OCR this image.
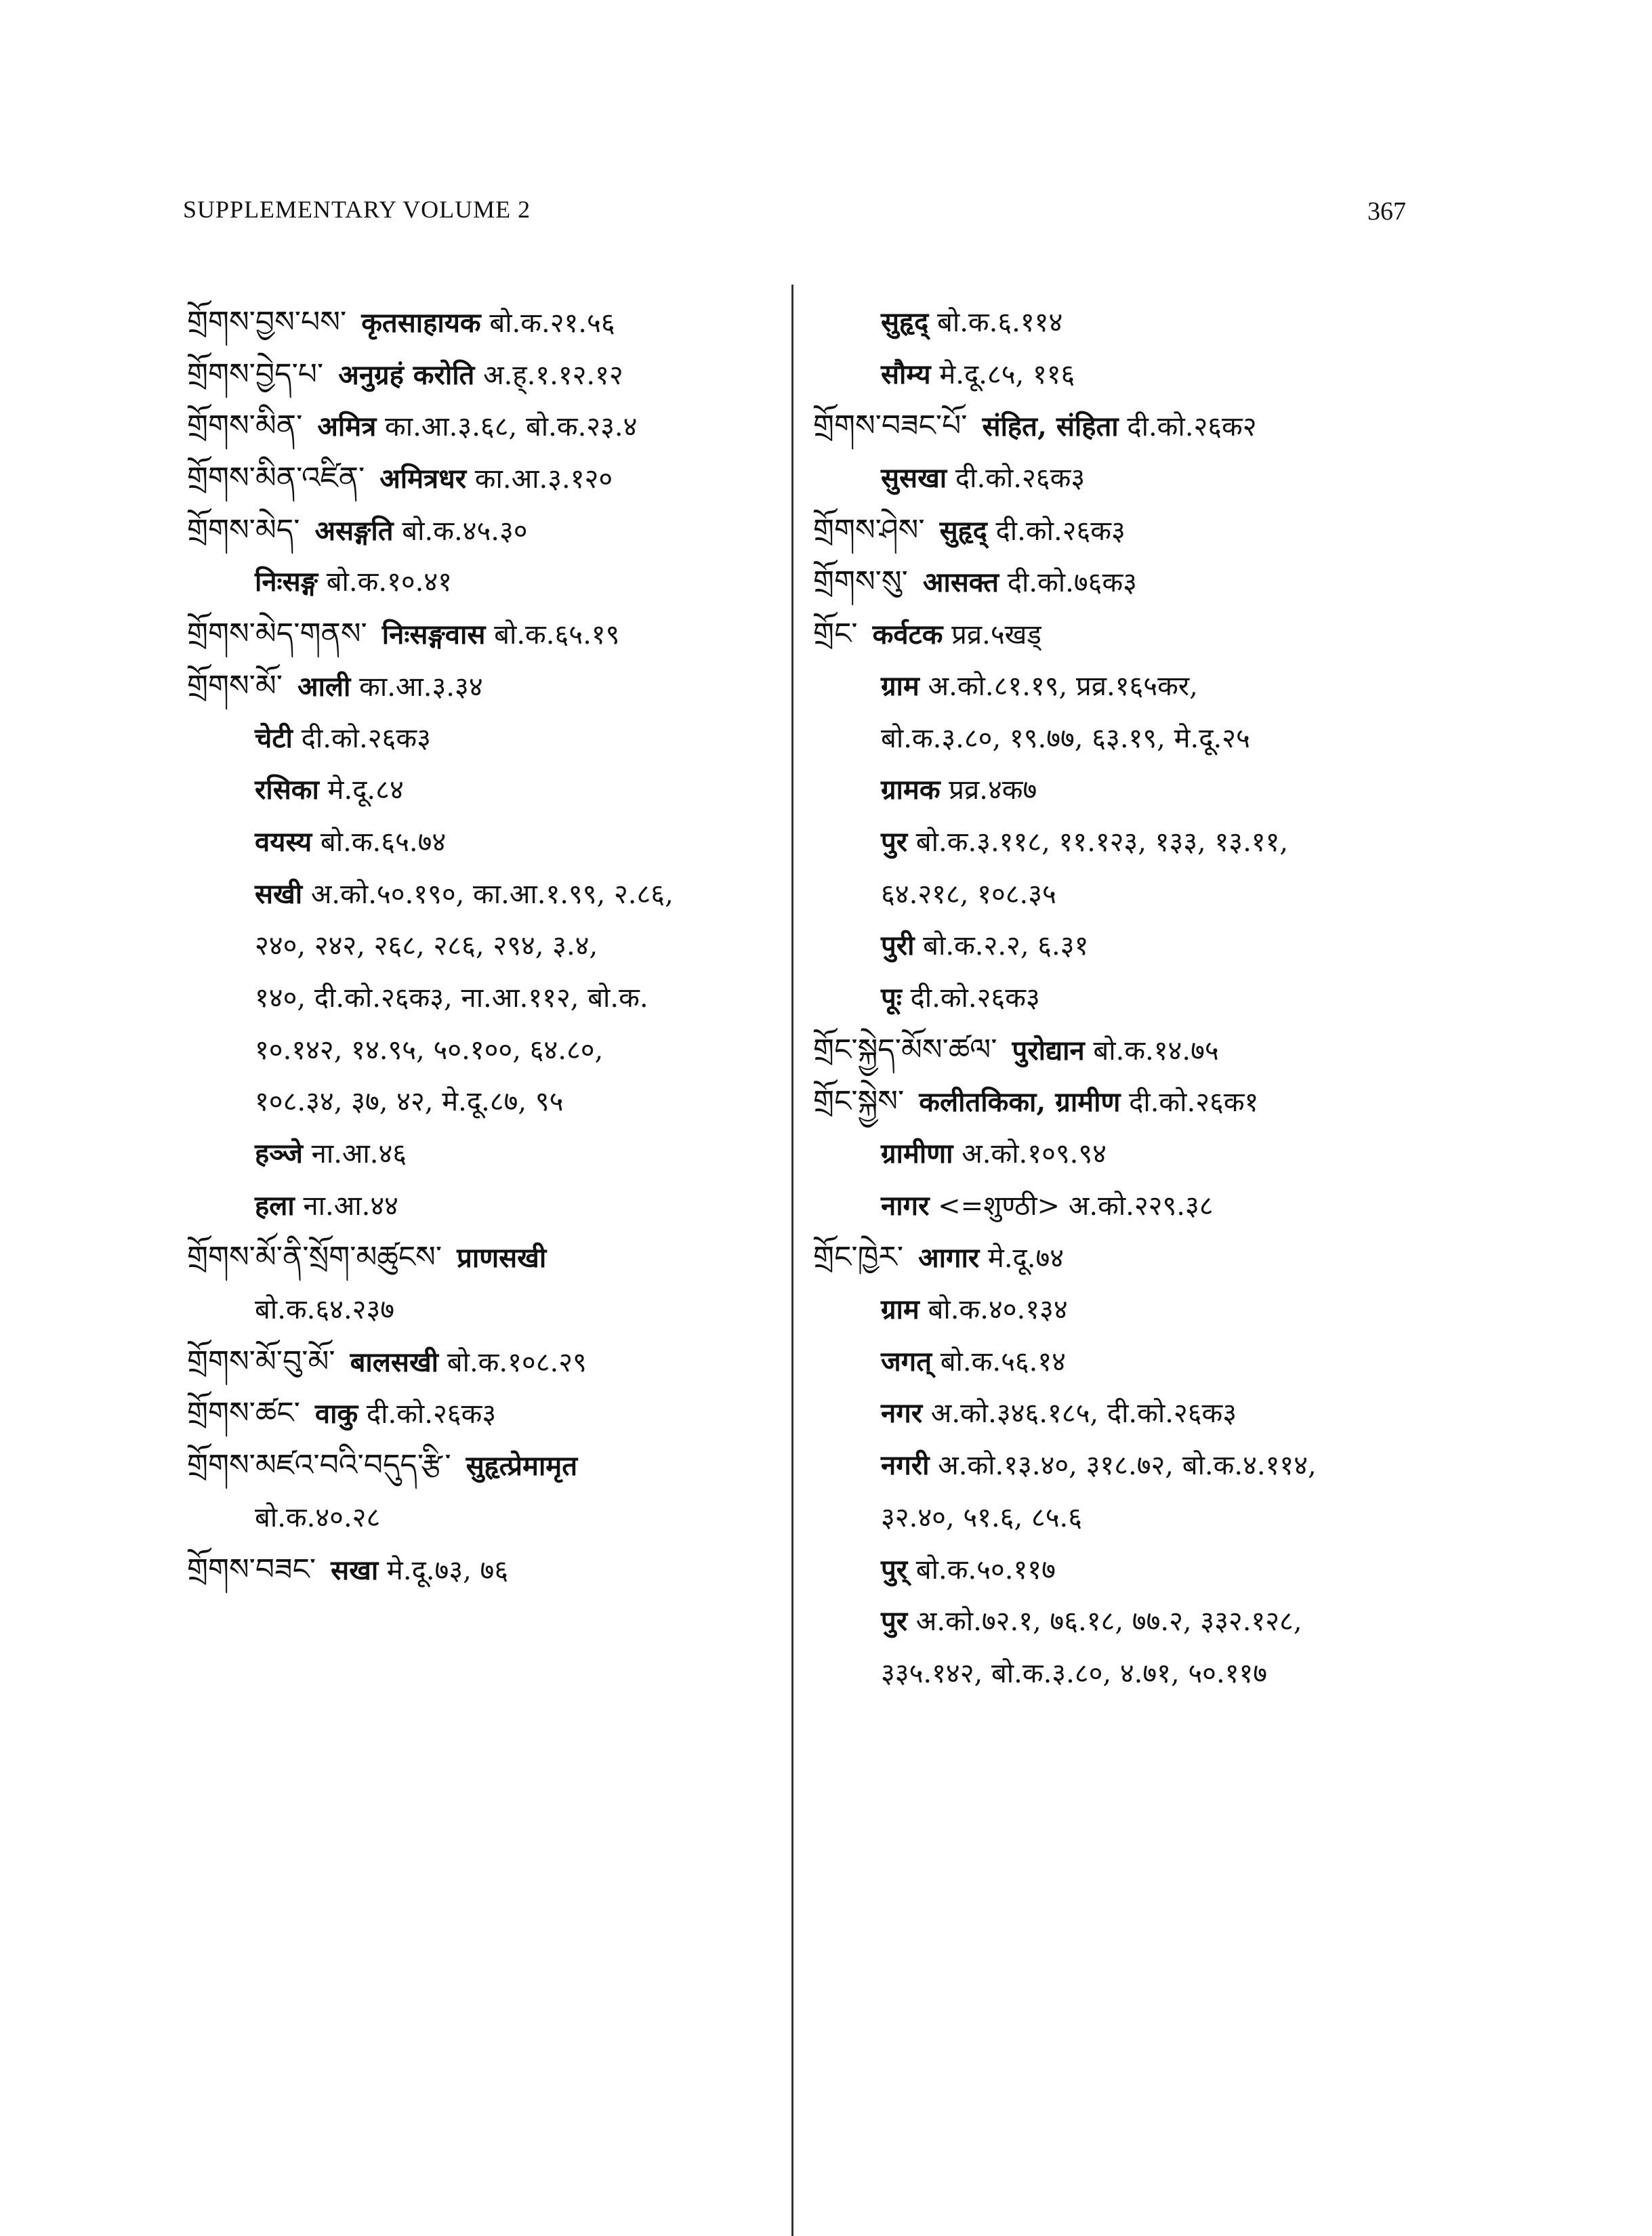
SUPPLEMENTARY VOLUME 2	367
གྲོགས་བྱས་པས་ कृतसाहायक बो.क.२१.५६
གྲོགས་བྱེད་པ་ अनुग्रहं करोति अ.ह्.१.१२.१२
གྲོགས་མིན་ अमित्र का.आ.३.६८, बो.क.२३.४
གྲོགས་མིན་འཛིན་ अमित्रधर का.आ.३.१२०
གྲོགས་མེད་ असङ्गति बो.क.४५.३०
निःसङ्ग बो.क.१०.४१
གྲོགས་མེད་གནས་ निःसङ्गवास बो.क.६५.१९
གྲོགས་མོ་ आली का.आ.३.३४
चेटी दी.को.२६क३
रसिका मे.दू.८४
वयस्य बो.क.६५.७४
सखी अ.को.५०.१९०, का.आ.१.९९, २.८६,
२४०, २४२, २६८, २८६, २९४, ३.४,
१४०, दी.को.२६क३, ना.आ.११२, बो.क.
१०.१४२, १४.९५, ५०.१००, ६४.८०,
१०८.३४, ३७, ४२, मे.दू.८७, ९५
हञ्जे ना.आ.४६
हला ना.आ.४४
གྲོགས་མོ་ནི་སྲོག་མཚུངས་ प्राणसखी
बो.क.६४.२३७
གྲོགས་མོ་བུ་མོ་ बालसखी बो.क.१०८.२९
གྲོགས་ཚང་ वाकु दी.को.२६क३
གྲོགས་མཛའ་བའི་བདུད་རྩི་ सुहृत्प्रेमामृत
बो.क.४०.२८
གྲོགས་བཟང་ सखा मे.दू.७३, ७६
सुहृद् बो.क.६.११४
सौम्य मे.दू.८५, ११६
གྲོགས་བཟང་པོ་ संहित, संहिता दी.को.२६क२
सुसखा दी.को.२६क३
གྲོགས་ཤེས་ सुहृद् दी.को.२६क३
གྲོགས་སུ་ आसक्त दी.को.७६क३
གྲོང་ कर्वटक प्रव्र.५खड्
ग्राम अ.को.८१.१९, प्रव्र.१६५कर,
बो.क.३.८०, १९.७७, ६३.१९, मे.दू.२५
ग्रामक प्रव्र.४क७
पुर बो.क.३.११८, ११.१२३, १३३, १३.११,
६४.२१८, १०८.३५
पुरी बो.क.२.२, ६.३१
पूः दी.को.२६क३
གྲོང་སྐྱེད་མོས་ཚལ་ पुरोद्यान बो.क.१४.७५
གྲོང་སྐྱེས་ कलीतकिका, ग्रामीण दी.को.२६क१
ग्रामीणा अ.को.१०९.९४
नागर <=शुण्ठी> अ.को.२२९.३८
གྲོང་ཁྱེར་ आगार मे.दू.७४
ग्राम बो.क.४०.१३४
जगत् बो.क.५६.१४
नगर अ.को.३४६.१८५, दी.को.२६क३
नगरी अ.को.१३.४०, ३१८.७२, बो.क.४.११४,
३२.४०, ५१.६, ८५.६
पुर् बो.क.५०.११७
पुर अ.को.७२.१, ७६.१८, ७७.२, ३३२.१२८,
३३५.१४२, बो.क.३.८०, ४.७१, ५०.११७
